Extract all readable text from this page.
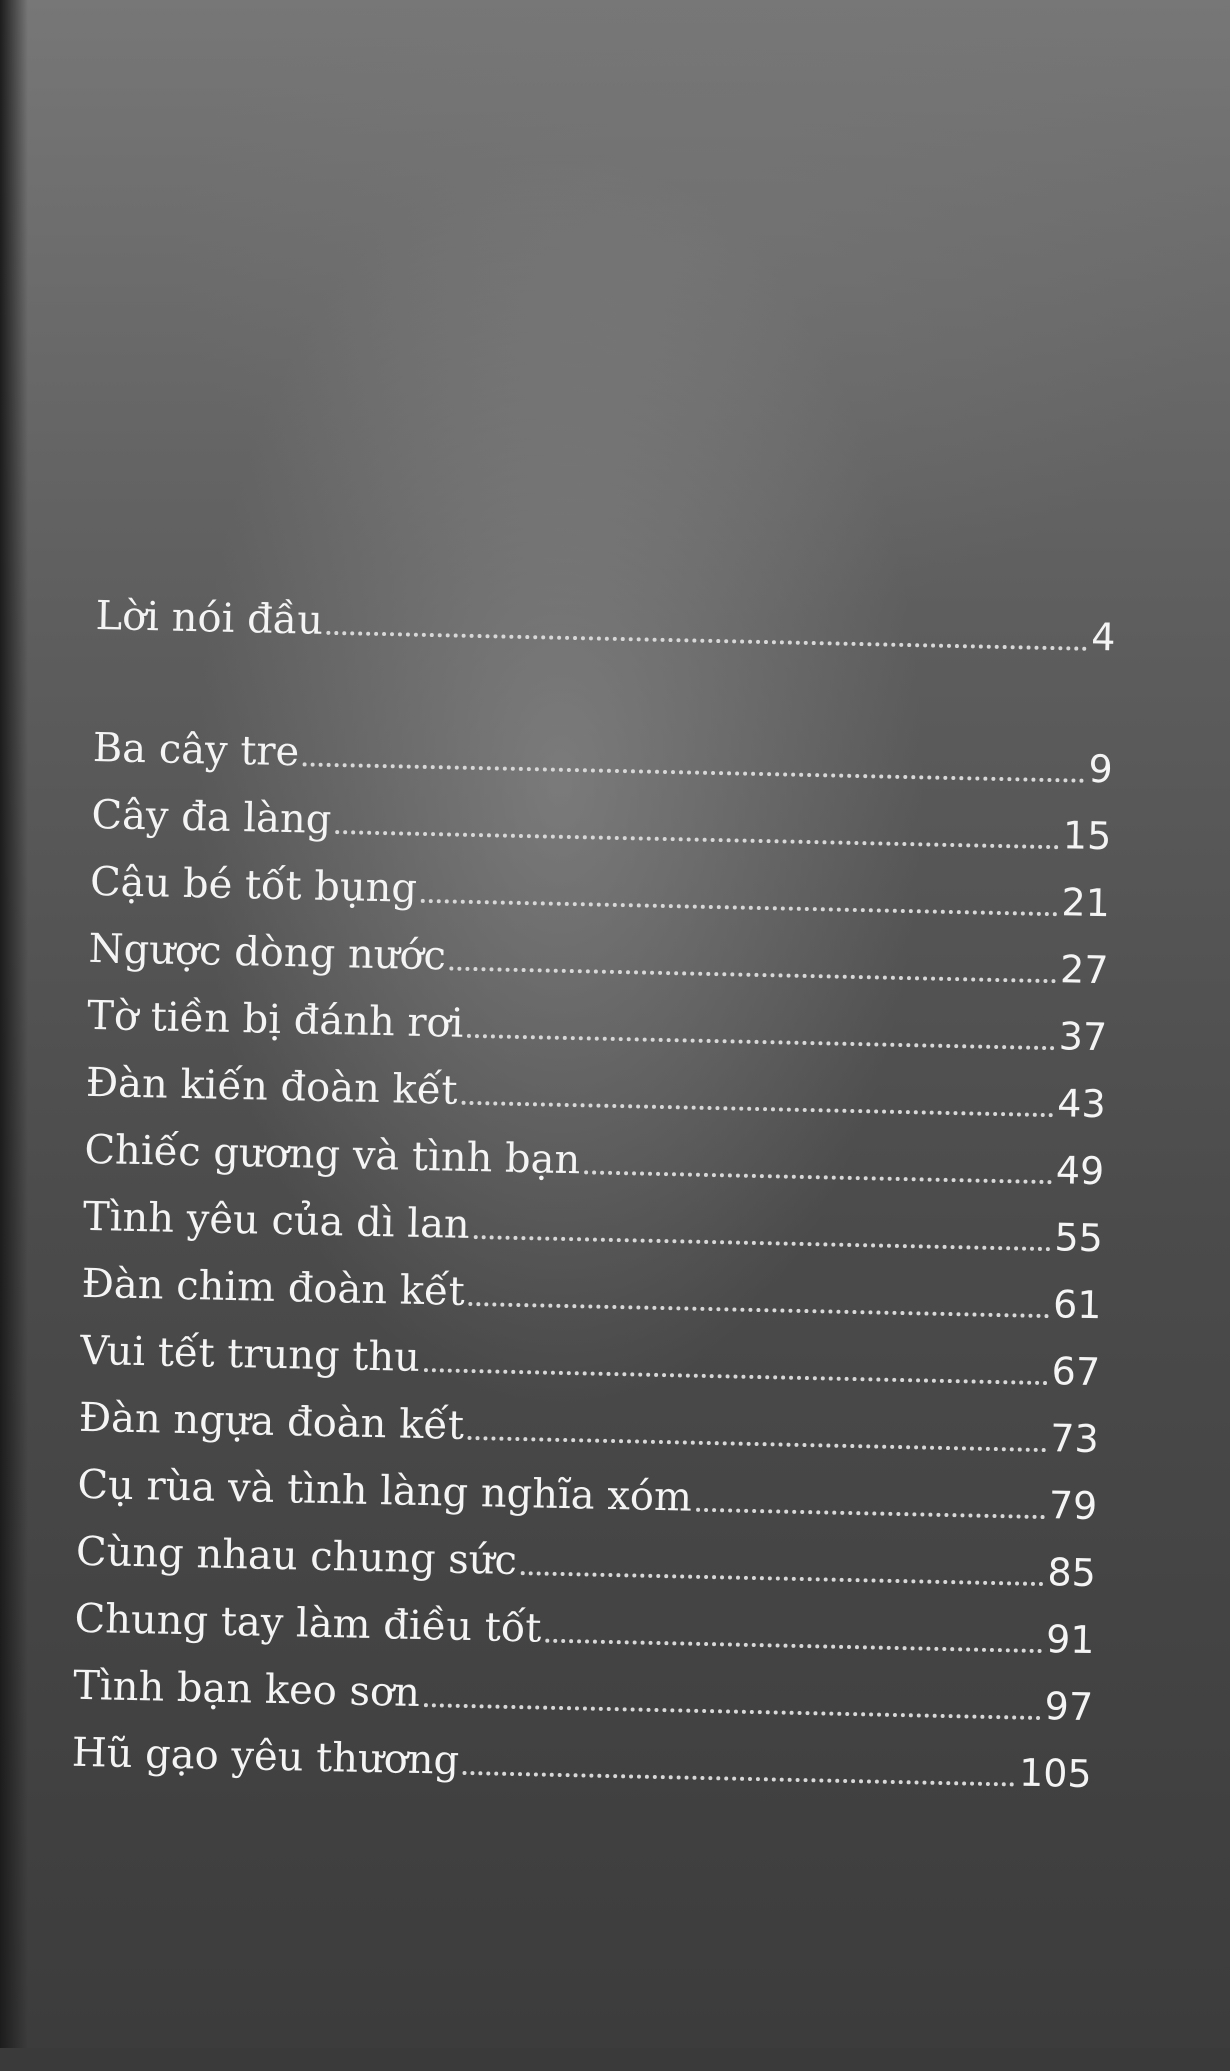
Lời nói đầu	4
Ba cây tre	9
Cây đa làng	15
Cậu bé tốt bụng	21
Ngược dòng nước	27
Tờ tiền bị đánh rơi	37
Đàn kiến đoàn kết	43
Chiếc gương và tình bạn	49
Tình yêu của dì lan	55
Đàn chim đoàn kết	61
Vui tết trung thu	67
Đàn ngựa đoàn kết	73
Cụ rùa và tình làng nghĩa xóm	79
Cùng nhau chung sức	85
Chung tay làm điều tốt	91
Tình bạn keo sơn	97
Hũ gạo yêu thương	105
